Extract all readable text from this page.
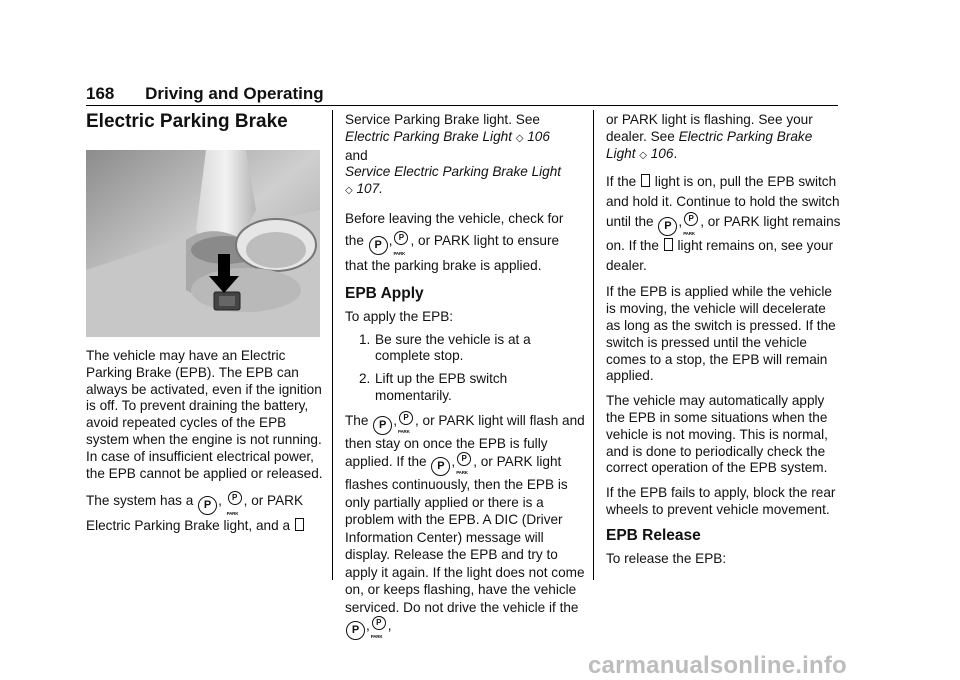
168 Driving and Operating
Electric Parking Brake

The vehicle may have an Electric Parking Brake (EPB). The EPB can always be activated, even if the ignition is off. To prevent draining the battery, avoid repeated cycles of the EPB system when the engine is not running. In case of insufficient electrical power, the EPB cannot be applied or released.

The system has a P , P
PARK
, or PARK Electric Parking Brake light, and a

Service Parking Brake light. See

Electric Parking Brake Light ◇ 106

and

Service Electric Parking Brake Light

◇ 107.

Before leaving the vehicle, check for the P , P
PARK
, or PARK light to ensure that the parking brake is applied.

EPB Apply

To apply the EPB:

1. Be sure the vehicle is at a complete stop.
2. Lift up the EPB switch momentarily.

The P , P
PARK
, or PARK light will flash and then stay on once the EPB is fully applied. If the P , P
PARK
, or PARK light flashes continuously, then the EPB is only partially applied or there is a problem with the EPB. A DIC (Driver Information Center) message will display. Release the EPB and try to apply it again. If the light does not come on, or keeps flashing, have the vehicle serviced. Do not drive the vehicle if the P , P
PARK
,

or PARK light is flashing. See your dealer. See Electric Parking Brake Light ◇ 106.

If the light is on, pull the EPB switch and hold it. Continue to hold the switch until the P , P
PARK
, or PARK light remains on. If the light remains on, see your dealer.

If the EPB is applied while the vehicle is moving, the vehicle will decelerate as long as the switch is pressed. If the switch is pressed until the vehicle comes to a stop, the EPB will remain applied.

The vehicle may automatically apply the EPB in some situations when the vehicle is not moving. This is normal, and is done to periodically check the correct operation of the EPB system.

If the EPB fails to apply, block the rear wheels to prevent vehicle movement.

EPB Release

To release the EPB:

carmanualsonline.info
